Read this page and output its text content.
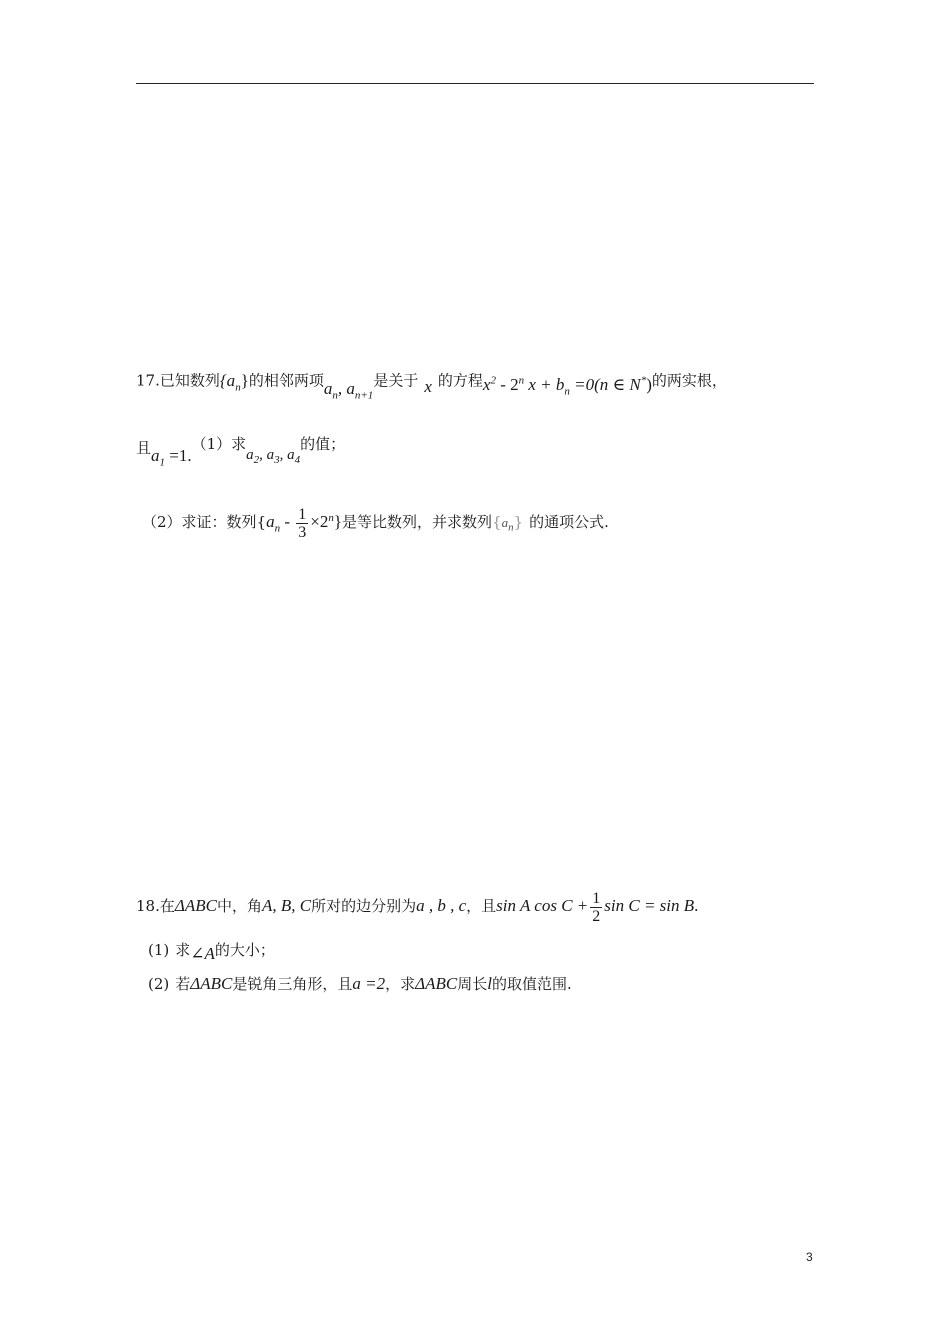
17.已知数列$\{a_n\}$的相邻两项$a_n$, $a_{n+1}$是关于 x 的方程$x^2 - 2^n$ $x + b_n =0(n$ ∈ N*)的两实根，
且$a_1 =1.(1)$求$a_2$, $a_3$, $a_4$的值；
（2）求证：数列$\{a_n - \frac{1}{3} \times 2^n\}$是等比数列，并求数列$\{a_n\}$ 的通项公式.
18.在ΔABC中，角A, B, C所对的边分别为a , b , c，且sin A $\cos C + \frac{1}{2}$ sin C = sin B.
(1) 求∠A的大小；
(2) 若ΔABC是锐角三角形，且a =2，求ΔABC周长l的取值范围.
3
